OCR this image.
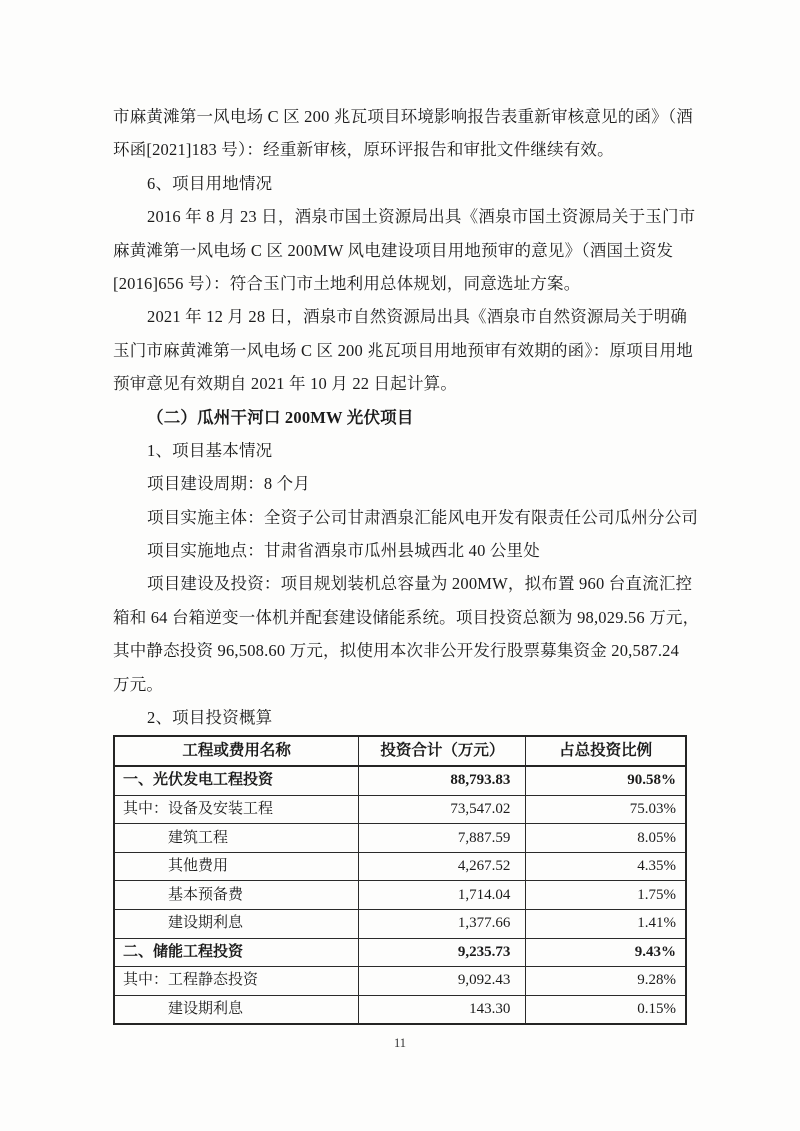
市麻黄滩第一风电场 C 区 200 兆瓦项目环境影响报告表重新审核意见的函》（酒
环函[2021]183 号）：经重新审核，原环评报告和审批文件继续有效。
6、项目用地情况
2016 年 8 月 23 日，酒泉市国土资源局出具《酒泉市国土资源局关于玉门市
麻黄滩第一风电场 C 区 200MW 风电建设项目用地预审的意见》（酒国土资发
[2016]656 号）：符合玉门市土地利用总体规划，同意选址方案。
2021 年 12 月 28 日，酒泉市自然资源局出具《酒泉市自然资源局关于明确
玉门市麻黄滩第一风电场 C 区 200 兆瓦项目用地预审有效期的函》：原项目用地
预审意见有效期自 2021 年 10 月 22 日起计算。
（二）瓜州干河口 200MW 光伏项目
1、项目基本情况
项目建设周期：8 个月
项目实施主体：全资子公司甘肃酒泉汇能风电开发有限责任公司瓜州分公司
项目实施地点：甘肃省酒泉市瓜州县城西北 40 公里处
项目建设及投资：项目规划装机总容量为 200MW，拟布置 960 台直流汇控
箱和 64 台箱逆变一体机并配套建设储能系统。项目投资总额为 98,029.56 万元，
其中静态投资 96,508.60 万元，拟使用本次非公开发行股票募集资金 20,587.24
万元。
2、项目投资概算
工程或费用名称	投资合计（万元）	占总投资比例
一、光伏发电工程投资	88,793.83	90.58%
其中：设备及安装工程	73,547.02	75.03%
建筑工程	7,887.59	8.05%
其他费用	4,267.52	4.35%
基本预备费	1,714.04	1.75%
建设期利息	1,377.66	1.41%
二、储能工程投资	9,235.73	9.43%
其中：工程静态投资	9,092.43	9.28%
建设期利息	143.30	0.15%
11
